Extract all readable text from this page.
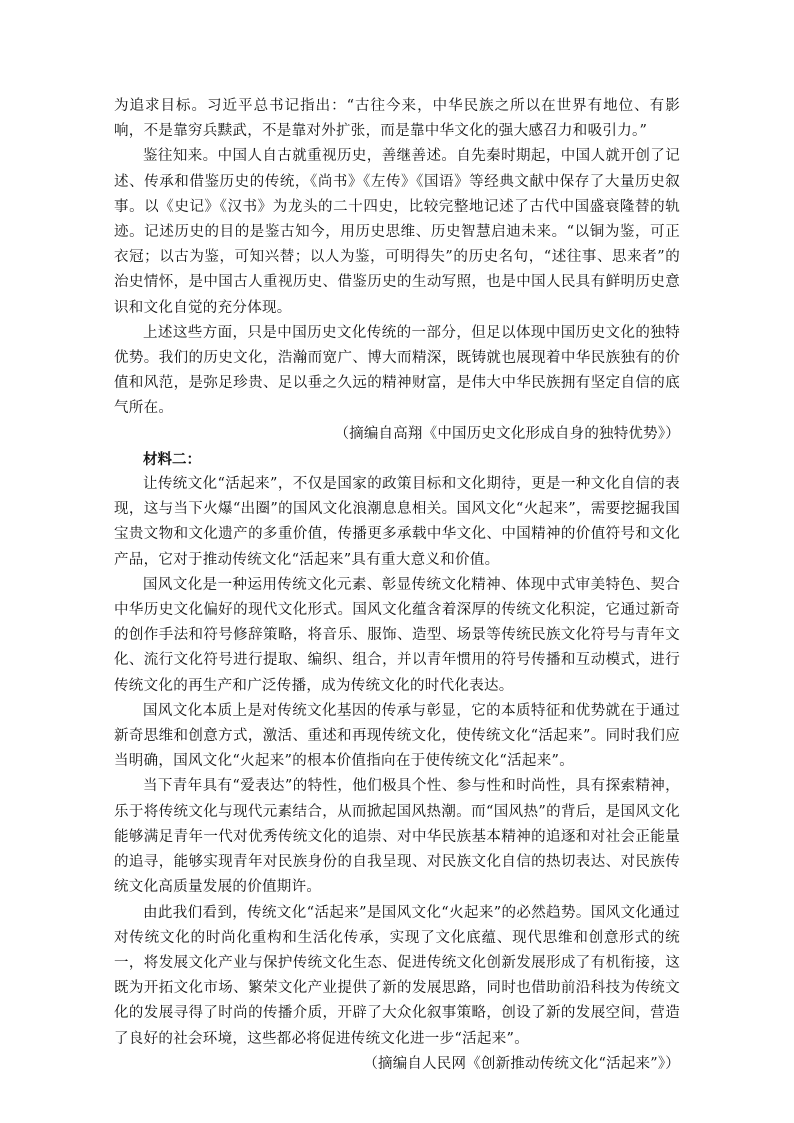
为追求目标。习近平总书记指出：“古往今来，中华民族之所以在世界有地位、有影响，不是靠穷兵黩武，不是靠对外扩张，而是靠中华文化的强大感召力和吸引力。”

鉴往知来。中国人自古就重视历史，善继善述。自先秦时期起，中国人就开创了记述、传承和借鉴历史的传统，《尚书》《左传》《国语》等经典文献中保存了大量历史叙事。以《史记》《汉书》为龙头的二十四史，比较完整地记述了古代中国盛衰隆替的轨迹。记述历史的目的是鉴古知今，用历史思维、历史智慧启迪未来。“以铜为鉴，可正衣冠；以古为鉴，可知兴替；以人为鉴，可明得失”的历史名句，“述往事、思来者”的治史情怀，是中国古人重视历史、借鉴历史的生动写照，也是中国人民具有鲜明历史意识和文化自觉的充分体现。

上述这些方面，只是中国历史文化传统的一部分，但足以体现中国历史文化的独特优势。我们的历史文化，浩瀚而宽广、博大而精深，既铸就也展现着中华民族独有的价值和风范，是弥足珍贵、足以垂之久远的精神财富，是伟大中华民族拥有坚定自信的底气所在。

（摘编自高翔《中国历史文化形成自身的独特优势》）

材料二：

让传统文化“活起来”，不仅是国家的政策目标和文化期待，更是一种文化自信的表现，这与当下火爆“出圈”的国风文化浪潮息息相关。国风文化“火起来”，需要挖掘我国宝贵文物和文化遗产的多重价值，传播更多承载中华文化、中国精神的价值符号和文化产品，它对于推动传统文化“活起来”具有重大意义和价值。

国风文化是一种运用传统文化元素、彰显传统文化精神、体现中式审美特色、契合中华历史文化偏好的现代文化形式。国风文化蕴含着深厚的传统文化积淀，它通过新奇的创作手法和符号修辞策略，将音乐、服饰、造型、场景等传统民族文化符号与青年文化、流行文化符号进行提取、编织、组合，并以青年惯用的符号传播和互动模式，进行传统文化的再生产和广泛传播，成为传统文化的时代化表达。

国风文化本质上是对传统文化基因的传承与彰显，它的本质特征和优势就在于通过新奇思维和创意方式，激活、重述和再现传统文化，使传统文化“活起来”。同时我们应当明确，国风文化“火起来”的根本价值指向在于使传统文化“活起来”。

当下青年具有“爱表达”的特性，他们极具个性、参与性和时尚性，具有探索精神，乐于将传统文化与现代元素结合，从而掀起国风热潮。而“国风热”的背后，是国风文化能够满足青年一代对优秀传统文化的追崇、对中华民族基本精神的追逐和对社会正能量的追寻，能够实现青年对民族身份的自我呈现、对民族文化自信的热切表达、对民族传统文化高质量发展的价值期许。

由此我们看到，传统文化“活起来”是国风文化“火起来”的必然趋势。国风文化通过对传统文化的时尚化重构和生活化传承，实现了文化底蕴、现代思维和创意形式的统一，将发展文化产业与保护传统文化生态、促进传统文化创新发展形成了有机衔接，这既为开拓文化市场、繁荣文化产业提供了新的发展思路，同时也借助前沿科技为传统文化的发展寻得了时尚的传播介质，开辟了大众化叙事策略，创设了新的发展空间，营造了良好的社会环境，这些都必将促进传统文化进一步“活起来”。

（摘编自人民网《创新推动传统文化“活起来”》）
